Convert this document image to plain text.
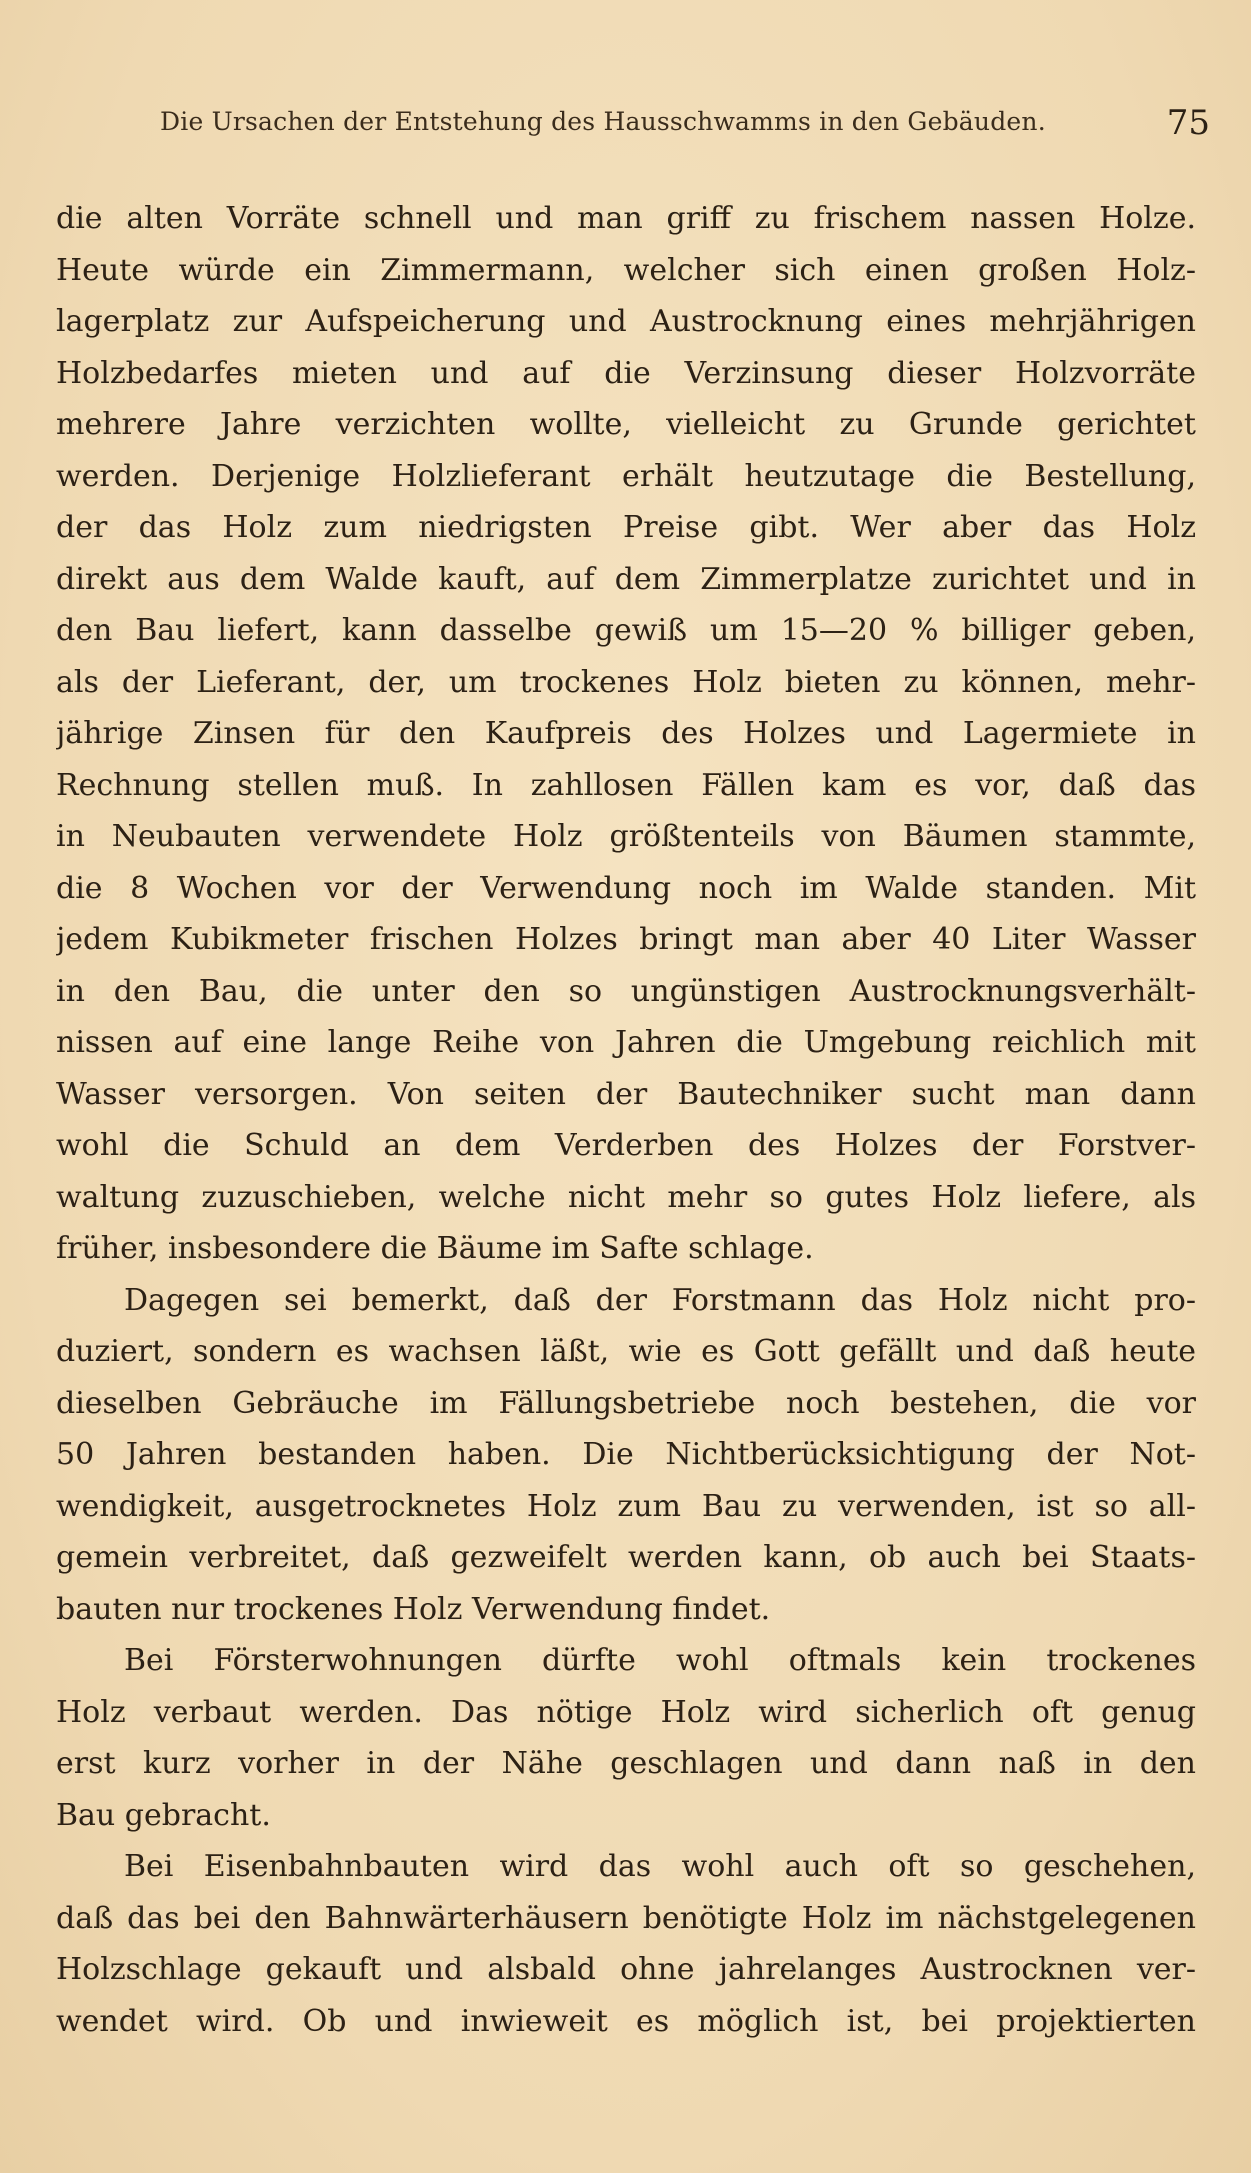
Die Ursachen der Entstehung des Hausschwamms in den Gebäuden.	75
die alten Vorräte schnell und man griff zu frischem nassen Holze.
Heute würde ein Zimmermann, welcher sich einen großen Holz-
lagerplatz zur Aufspeicherung und Austrocknung eines mehrjährigen
Holzbedarfes mieten und auf die Verzinsung dieser Holzvorräte
mehrere Jahre verzichten wollte, vielleicht zu Grunde gerichtet
werden. Derjenige Holzlieferant erhält heutzutage die Bestellung,
der das Holz zum niedrigsten Preise gibt. Wer aber das Holz
direkt aus dem Walde kauft, auf dem Zimmerplatze zurichtet und in
den Bau liefert, kann dasselbe gewiß um 15—20 % billiger geben,
als der Lieferant, der, um trockenes Holz bieten zu können, mehr-
jährige Zinsen für den Kaufpreis des Holzes und Lagermiete in
Rechnung stellen muß. In zahllosen Fällen kam es vor, daß das
in Neubauten verwendete Holz größtenteils von Bäumen stammte,
die 8 Wochen vor der Verwendung noch im Walde standen. Mit
jedem Kubikmeter frischen Holzes bringt man aber 40 Liter Wasser
in den Bau, die unter den so ungünstigen Austrocknungsverhält-
nissen auf eine lange Reihe von Jahren die Umgebung reichlich mit
Wasser versorgen. Von seiten der Bautechniker sucht man dann
wohl die Schuld an dem Verderben des Holzes der Forstver-
waltung zuzuschieben, welche nicht mehr so gutes Holz liefere, als
früher, insbesondere die Bäume im Safte schlage.
Dagegen sei bemerkt, daß der Forstmann das Holz nicht pro-
duziert, sondern es wachsen läßt, wie es Gott gefällt und daß heute
dieselben Gebräuche im Fällungsbetriebe noch bestehen, die vor
50 Jahren bestanden haben. Die Nichtberücksichtigung der Not-
wendigkeit, ausgetrocknetes Holz zum Bau zu verwenden, ist so all-
gemein verbreitet, daß gezweifelt werden kann, ob auch bei Staats-
bauten nur trockenes Holz Verwendung findet.
Bei Försterwohnungen dürfte wohl oftmals kein trockenes
Holz verbaut werden. Das nötige Holz wird sicherlich oft genug
erst kurz vorher in der Nähe geschlagen und dann naß in den
Bau gebracht.
Bei Eisenbahnbauten wird das wohl auch oft so geschehen,
daß das bei den Bahnwärterhäusern benötigte Holz im nächstgelegenen
Holzschlage gekauft und alsbald ohne jahrelanges Austrocknen ver-
wendet wird. Ob und inwieweit es möglich ist, bei projektierten
